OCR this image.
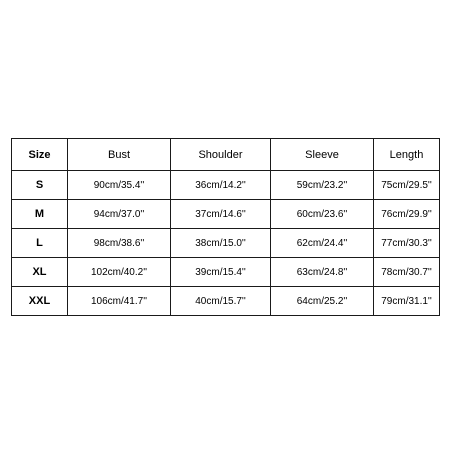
Size	Bust	Shoulder	Sleeve	Length
S	90cm/35.4''	36cm/14.2''	59cm/23.2''	75cm/29.5''
M	94cm/37.0''	37cm/14.6''	60cm/23.6''	76cm/29.9''
L	98cm/38.6''	38cm/15.0''	62cm/24.4''	77cm/30.3''
XL	102cm/40.2''	39cm/15.4''	63cm/24.8''	78cm/30.7''
XXL	106cm/41.7''	40cm/15.7''	64cm/25.2''	79cm/31.1''
